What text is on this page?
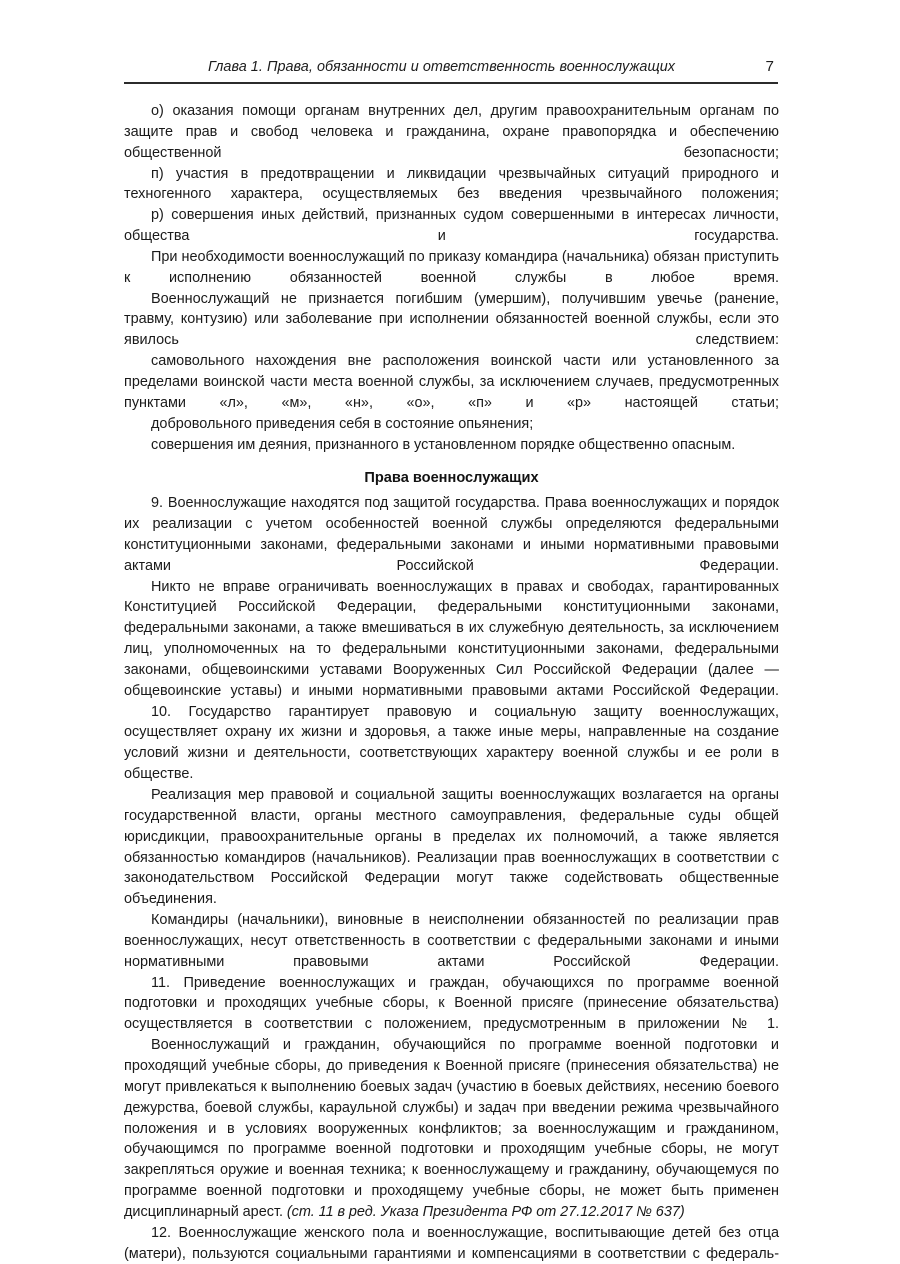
Глава 1. Права, обязанности и ответственность военнослужащих	7

о) оказания помощи органам внутренних дел, другим правоохранительным органам по защите прав и свобод человека и гражданина, охране правопорядка и обеспечению общественной безопасности;

п) участия в предотвращении и ликвидации чрезвычайных ситуаций природного и техногенного характера, осуществляемых без введения чрезвычайного положения;

р) совершения иных действий, признанных судом совершенными в интересах личности, общества и государства.

При необходимости военнослужащий по приказу командира (начальника) обязан приступить к исполнению обязанностей военной службы в любое время.

Военнослужащий не признается погибшим (умершим), получившим увечье (ранение, травму, контузию) или заболевание при исполнении обязанностей военной службы, если это явилось следствием:

самовольного нахождения вне расположения воинской части или установленного за пределами воинской части места военной службы, за исключением случаев, предусмотренных пунктами «л», «м», «н», «о», «п» и «р» настоящей статьи;

добровольного приведения себя в состояние опьянения;

совершения им деяния, признанного в установленном порядке общественно опасным.

Права военнослужащих

9. Военнослужащие находятся под защитой государства. Права военнослужащих и порядок их реализации с учетом особенностей военной службы определяются федеральными конституционными законами, федеральными законами и иными нормативными правовыми актами Российской Федерации.

Никто не вправе ограничивать военнослужащих в правах и свободах, гарантированных Конституцией Российской Федерации, федеральными конституционными законами, федеральными законами, а также вмешиваться в их служебную деятельность, за исключением лиц, уполномоченных на то федеральными конституционными законами, федеральными законами, общевоинскими уставами Вооруженных Сил Российской Федерации (далее — общевоинские уставы) и иными нормативными правовыми актами Российской Федерации.

10. Государство гарантирует правовую и социальную защиту военнослужащих, осуществляет охрану их жизни и здоровья, а также иные меры, направленные на создание условий жизни и деятельности, соответствующих характеру военной службы и ее роли в обществе.

Реализация мер правовой и социальной защиты военнослужащих возлагается на органы государственной власти, органы местного самоуправления, федеральные суды общей юрисдикции, правоохранительные органы в пределах их полномочий, а также является обязанностью командиров (начальников). Реализации прав военнослужащих в соответствии с законодательством Российской Федерации могут также содействовать общественные объединения.

Командиры (начальники), виновные в неисполнении обязанностей по реализации прав военнослужащих, несут ответственность в соответствии с федеральными законами и иными нормативными правовыми актами Российской Федерации.

11. Приведение военнослужащих и граждан, обучающихся по программе военной подготовки и проходящих учебные сборы, к Военной присяге (принесение обязательства) осуществляется в соответствии с положением, предусмотренным в приложении № 1.

Военнослужащий и гражданин, обучающийся по программе военной подготовки и проходящий учебные сборы, до приведения к Военной присяге (принесения обязательства) не могут привлекаться к выполнению боевых задач (участию в боевых действиях, несению боевого дежурства, боевой службы, караульной службы) и задач при введении режима чрезвычайного положения и в условиях вооруженных конфликтов; за военнослужащим и гражданином, обучающимся по программе военной подготовки и проходящим учебные сборы, не могут закрепляться оружие и военная техника; к военнослужащему и гражданину, обучающемуся по программе военной подготовки и проходящему учебные сборы, не может быть применен дисциплинарный арест. (ст. 11 в ред. Указа Президента РФ от 27.12.2017 № 637)

12. Военнослужащие женского пола и военнослужащие, воспитывающие детей без отца (матери), пользуются социальными гарантиями и компенсациями в соответствии с федераль-
